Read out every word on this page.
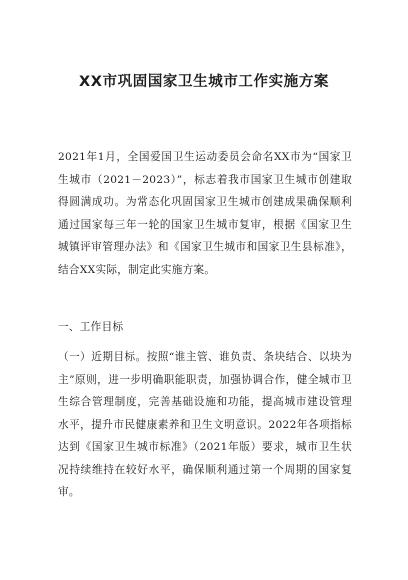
XX市巩固国家卫生城市工作实施方案

2021年1月，全国爱国卫生运动委员会命名XX市为“国家卫生城市（2021－2023）”，标志着我市国家卫生城市创建取得圆满成功。为常态化巩固国家卫生城市创建成果确保顺利通过国家每三年一轮的国家卫生城市复审，根据《国家卫生城镇评审管理办法》和《国家卫生城市和国家卫生县标准》，结合XX实际，制定此实施方案。

一、工作目标

（一）近期目标。按照“谁主管、谁负责、条块结合、以块为主”原则，进一步明确职能职责，加强协调合作，健全城市卫生综合管理制度，完善基础设施和功能，提高城市建设管理水平，提升市民健康素养和卫生文明意识。2022年各项指标达到《国家卫生城市标准》（2021年版）要求，城市卫生状况持续维持在较好水平，确保顺利通过第一个周期的国家复审。
